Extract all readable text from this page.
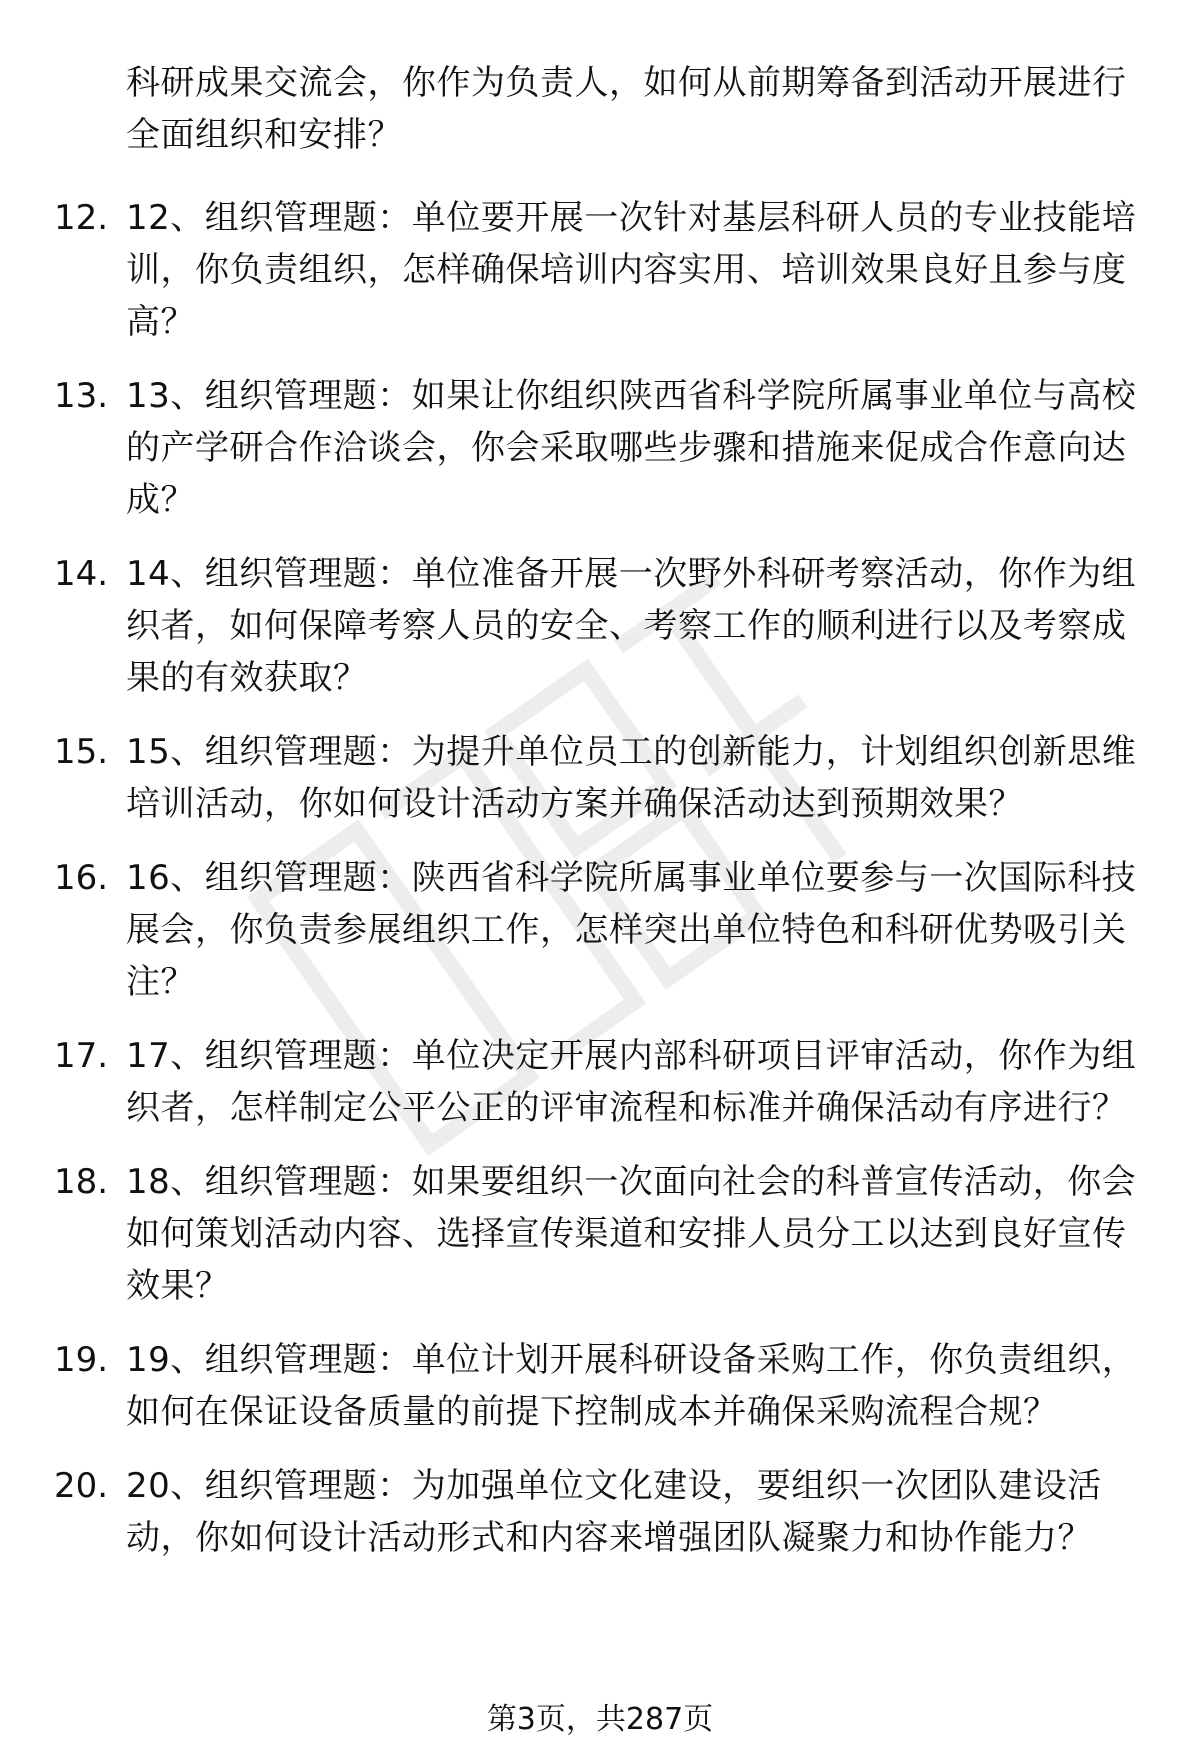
科研成果交流会，你作为负责人，如何从前期筹备到活动开展进行全面组织和安排？
12. 12、组织管理题：单位要开展一次针对基层科研人员的专业技能培训，你负责组织，怎样确保培训内容实用、培训效果良好且参与度高？
13. 13、组织管理题：如果让你组织陕西省科学院所属事业单位与高校的产学研合作洽谈会，你会采取哪些步骤和措施来促成合作意向达成？
14. 14、组织管理题：单位准备开展一次野外科研考察活动，你作为组织者，如何保障考察人员的安全、考察工作的顺利进行以及考察成果的有效获取？
15. 15、组织管理题：为提升单位员工的创新能力，计划组织创新思维培训活动，你如何设计活动方案并确保活动达到预期效果？
16. 16、组织管理题：陕西省科学院所属事业单位要参与一次国际科技展会，你负责参展组织工作，怎样突出单位特色和科研优势吸引关注？
17. 17、组织管理题：单位决定开展内部科研项目评审活动，你作为组织者，怎样制定公平公正的评审流程和标准并确保活动有序进行？
18. 18、组织管理题：如果要组织一次面向社会的科普宣传活动，你会如何策划活动内容、选择宣传渠道和安排人员分工以达到良好宣传效果？
19. 19、组织管理题：单位计划开展科研设备采购工作，你负责组织，如何在保证设备质量的前提下控制成本并确保采购流程合规？
20. 20、组织管理题：为加强单位文化建设，要组织一次团队建设活动，你如何设计活动形式和内容来增强团队凝聚力和协作能力？
第3页，共287页
